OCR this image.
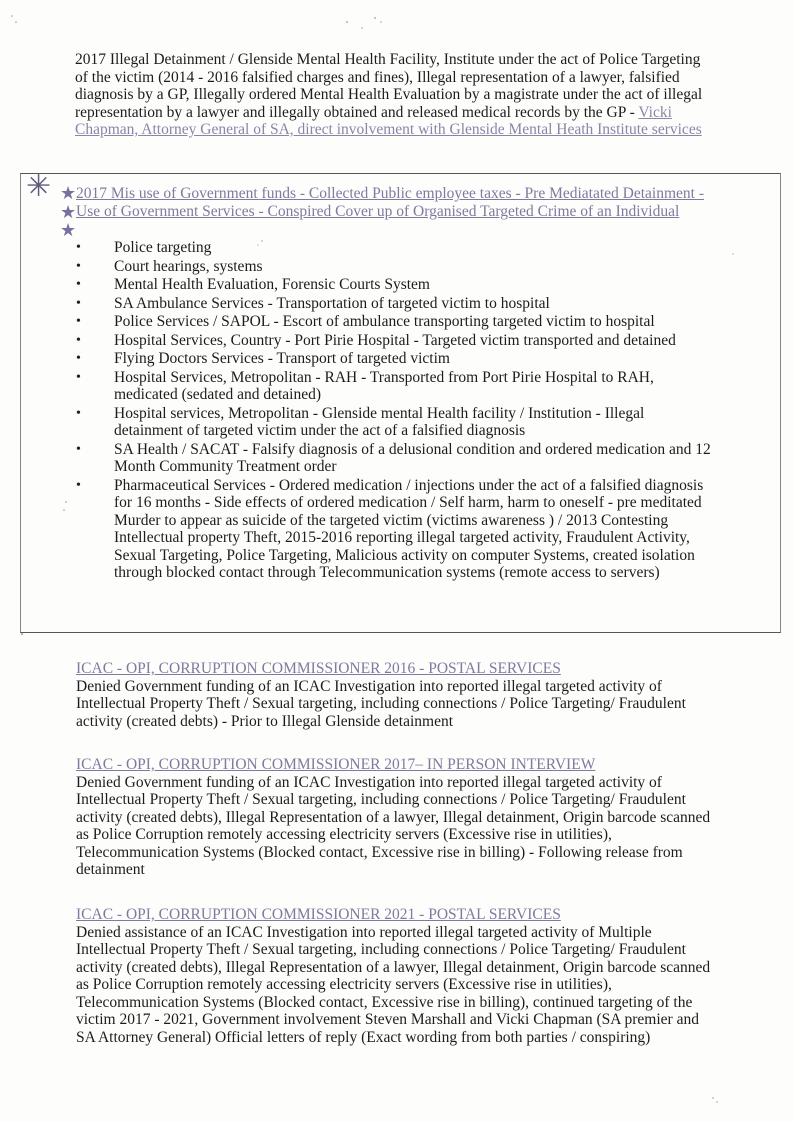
2017 Illegal Detainment / Glenside Mental Health Facility, Institute under the act of Police Targeting of the victim (2014 - 2016 falsified charges and fines), Illegal representation of a lawyer, falsified diagnosis by a GP, Illegally ordered Mental Health Evaluation by a magistrate under the act of illegal representation by a lawyer and illegally obtained and released medical records by the GP - Vicki Chapman, Attorney General of SA, direct involvement with Glenside Mental Heath Institute services
✳ ★
★
★
2017 Mis use of Government funds - Collected Public employee taxes - Pre Mediatated Detainment - Use of Government Services - Conspired Cover up of Organised Targeted Crime of an Individual
• Police targeting
• Court hearings, systems
• Mental Health Evaluation, Forensic Courts System
• SA Ambulance Services - Transportation of targeted victim to hospital
• Police Services / SAPOL - Escort of ambulance transporting targeted victim to hospital
• Hospital Services, Country - Port Pirie Hospital - Targeted victim transported and detained
• Flying Doctors Services - Transport of targeted victim
• Hospital Services, Metropolitan - RAH - Transported from Port Pirie Hospital to RAH, medicated (sedated and detained)
• Hospital services, Metropolitan - Glenside mental Health facility / Institution - Illegal detainment of targeted victim under the act of a falsified diagnosis
• SA Health / SACAT - Falsify diagnosis of a delusional condition and ordered medication and 12 Month Community Treatment order
• Pharmaceutical Services - Ordered medication / injections under the act of a falsified diagnosis for 16 months - Side effects of ordered medication / Self harm, harm to oneself - pre meditated Murder to appear as suicide of the targeted victim (victims awareness ) / 2013 Contesting Intellectual property Theft, 2015-2016 reporting illegal targeted activity, Fraudulent Activity, Sexual Targeting, Police Targeting, Malicious activity on computer Systems, created isolation through blocked contact through Telecommunication systems (remote access to servers)
ICAC - OPI, CORRUPTION COMMISSIONER 2016 - POSTAL SERVICES
Denied Government funding of an ICAC Investigation into reported illegal targeted activity of Intellectual Property Theft / Sexual targeting, including connections / Police Targeting/ Fraudulent activity (created debts) - Prior to Illegal Glenside detainment
ICAC - OPI, CORRUPTION COMMISSIONER 2017– IN PERSON INTERVIEW
Denied Government funding of an ICAC Investigation into reported illegal targeted activity of Intellectual Property Theft / Sexual targeting, including connections / Police Targeting/ Fraudulent activity (created debts), Illegal Representation of a lawyer, Illegal detainment, Origin barcode scanned as Police Corruption remotely accessing electricity servers (Excessive rise in utilities), Telecommunication Systems (Blocked contact, Excessive rise in billing) - Following release from detainment
ICAC - OPI, CORRUPTION COMMISSIONER 2021 - POSTAL SERVICES
Denied assistance of an ICAC Investigation into reported illegal targeted activity of Multiple Intellectual Property Theft / Sexual targeting, including connections / Police Targeting/ Fraudulent activity (created debts), Illegal Representation of a lawyer, Illegal detainment, Origin barcode scanned as Police Corruption remotely accessing electricity servers (Excessive rise in utilities), Telecommunication Systems (Blocked contact, Excessive rise in billing), continued targeting of the victim 2017 - 2021, Government involvement Steven Marshall and Vicki Chapman (SA premier and SA Attorney General) Official letters of reply (Exact wording from both parties / conspiring)
